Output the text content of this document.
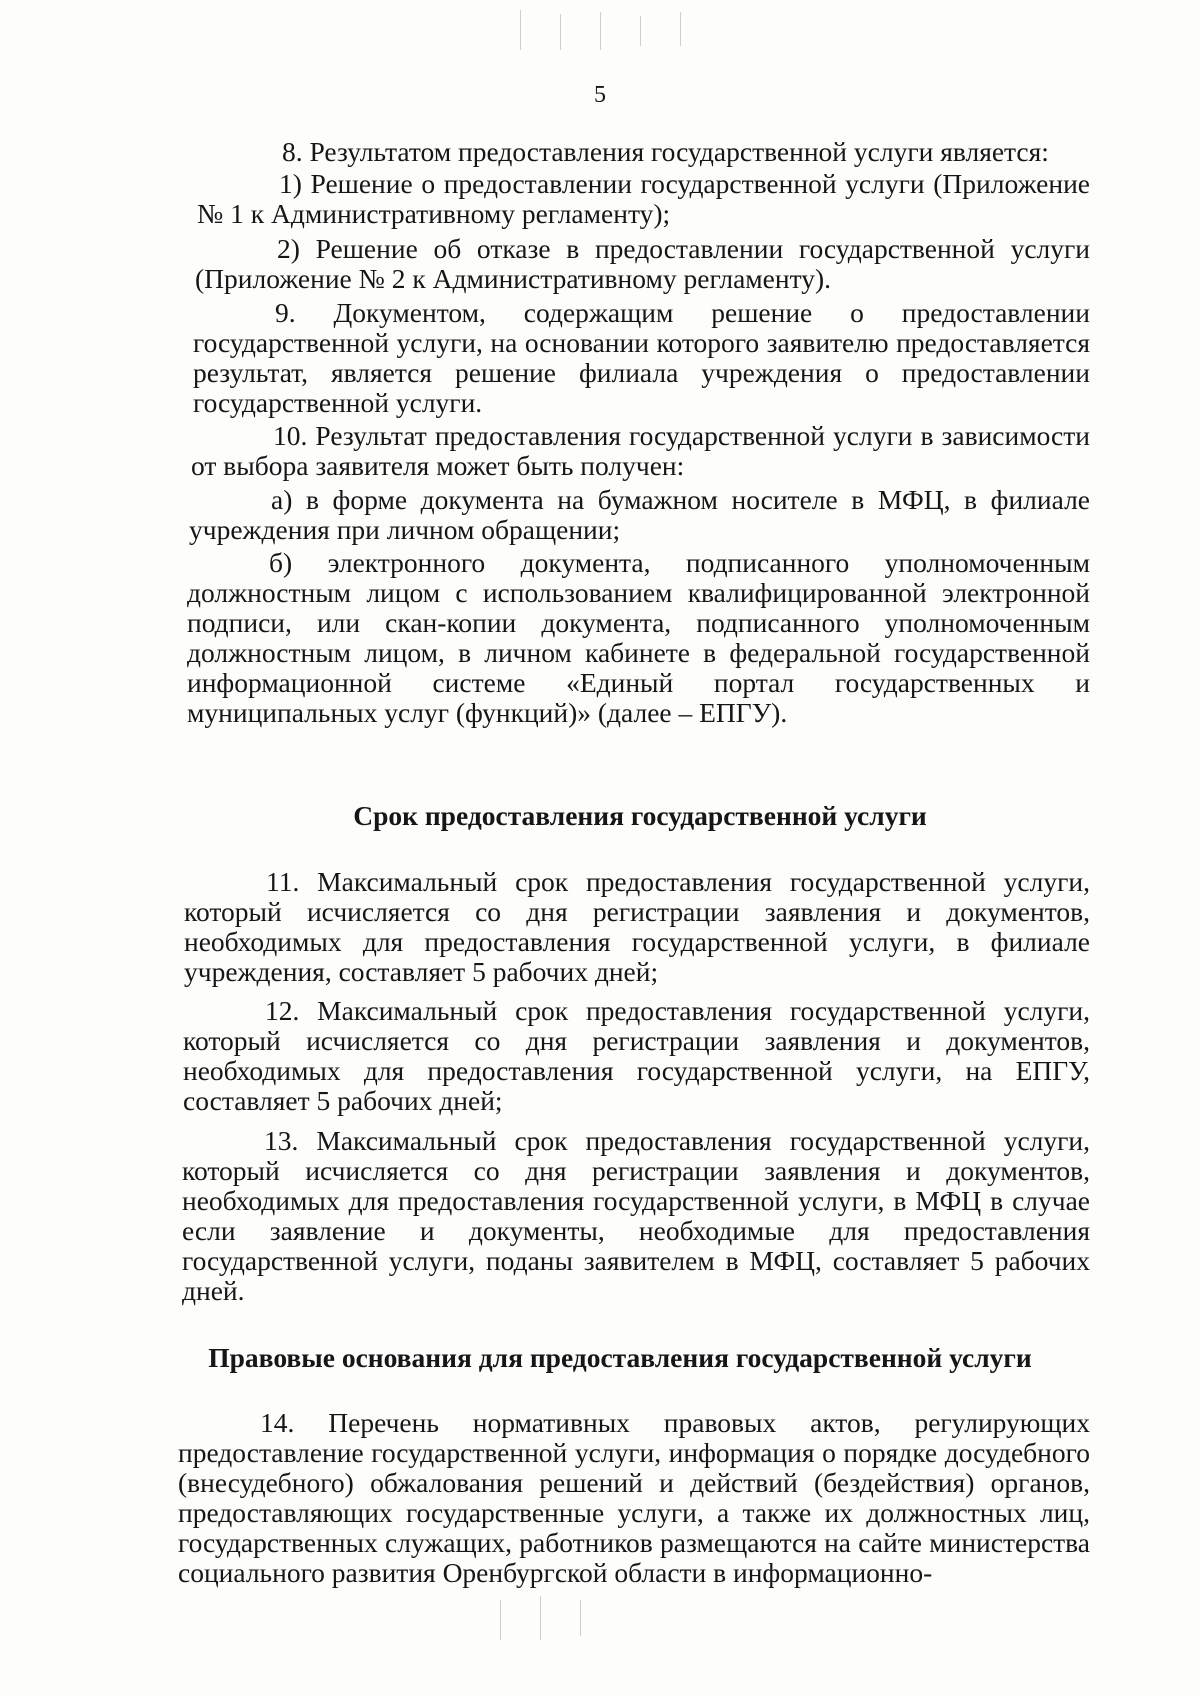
5

8. Результатом предоставления государственной услуги является:

1) Решение о предоставлении государственной услуги (Приложение № 1 к Административному регламенту);

2) Решение об отказе в предоставлении государственной услуги (Приложение № 2 к Административному регламенту).

9. Документом, содержащим решение о предоставлении государственной услуги, на основании которого заявителю предоставляется результат, является решение филиала учреждения о предоставлении государственной услуги.

10. Результат предоставления государственной услуги в зависимости от выбора заявителя может быть получен:

а) в форме документа на бумажном носителе в МФЦ, в филиале учреждения при личном обращении;

б) электронного документа, подписанного уполномоченным должностным лицом с использованием квалифицированной электронной подписи, или скан-копии документа, подписанного уполномоченным должностным лицом, в личном кабинете в федеральной государственной информационной системе «Единый портал государственных и муниципальных услуг (функций)» (далее – ЕПГУ).

Срок предоставления государственной услуги

11. Максимальный срок предоставления государственной услуги, который исчисляется со дня регистрации заявления и документов, необходимых для предоставления государственной услуги, в филиале учреждения, составляет 5 рабочих дней;

12. Максимальный срок предоставления государственной услуги, который исчисляется со дня регистрации заявления и документов, необходимых для предоставления государственной услуги, на ЕПГУ, составляет 5 рабочих дней;

13. Максимальный срок предоставления государственной услуги, который исчисляется со дня регистрации заявления и документов, необходимых для предоставления государственной услуги, в МФЦ в случае если заявление и документы, необходимые для предоставления государственной услуги, поданы заявителем в МФЦ, составляет 5 рабочих дней.

Правовые основания для предоставления государственной услуги

14. Перечень нормативных правовых актов, регулирующих предоставление государственной услуги, информация о порядке досудебного (внесудебного) обжалования решений и действий (бездействия) органов, предоставляющих государственные услуги, а также их должностных лиц, государственных служащих, работников размещаются на сайте министерства социального развития Оренбургской области в информационно-
